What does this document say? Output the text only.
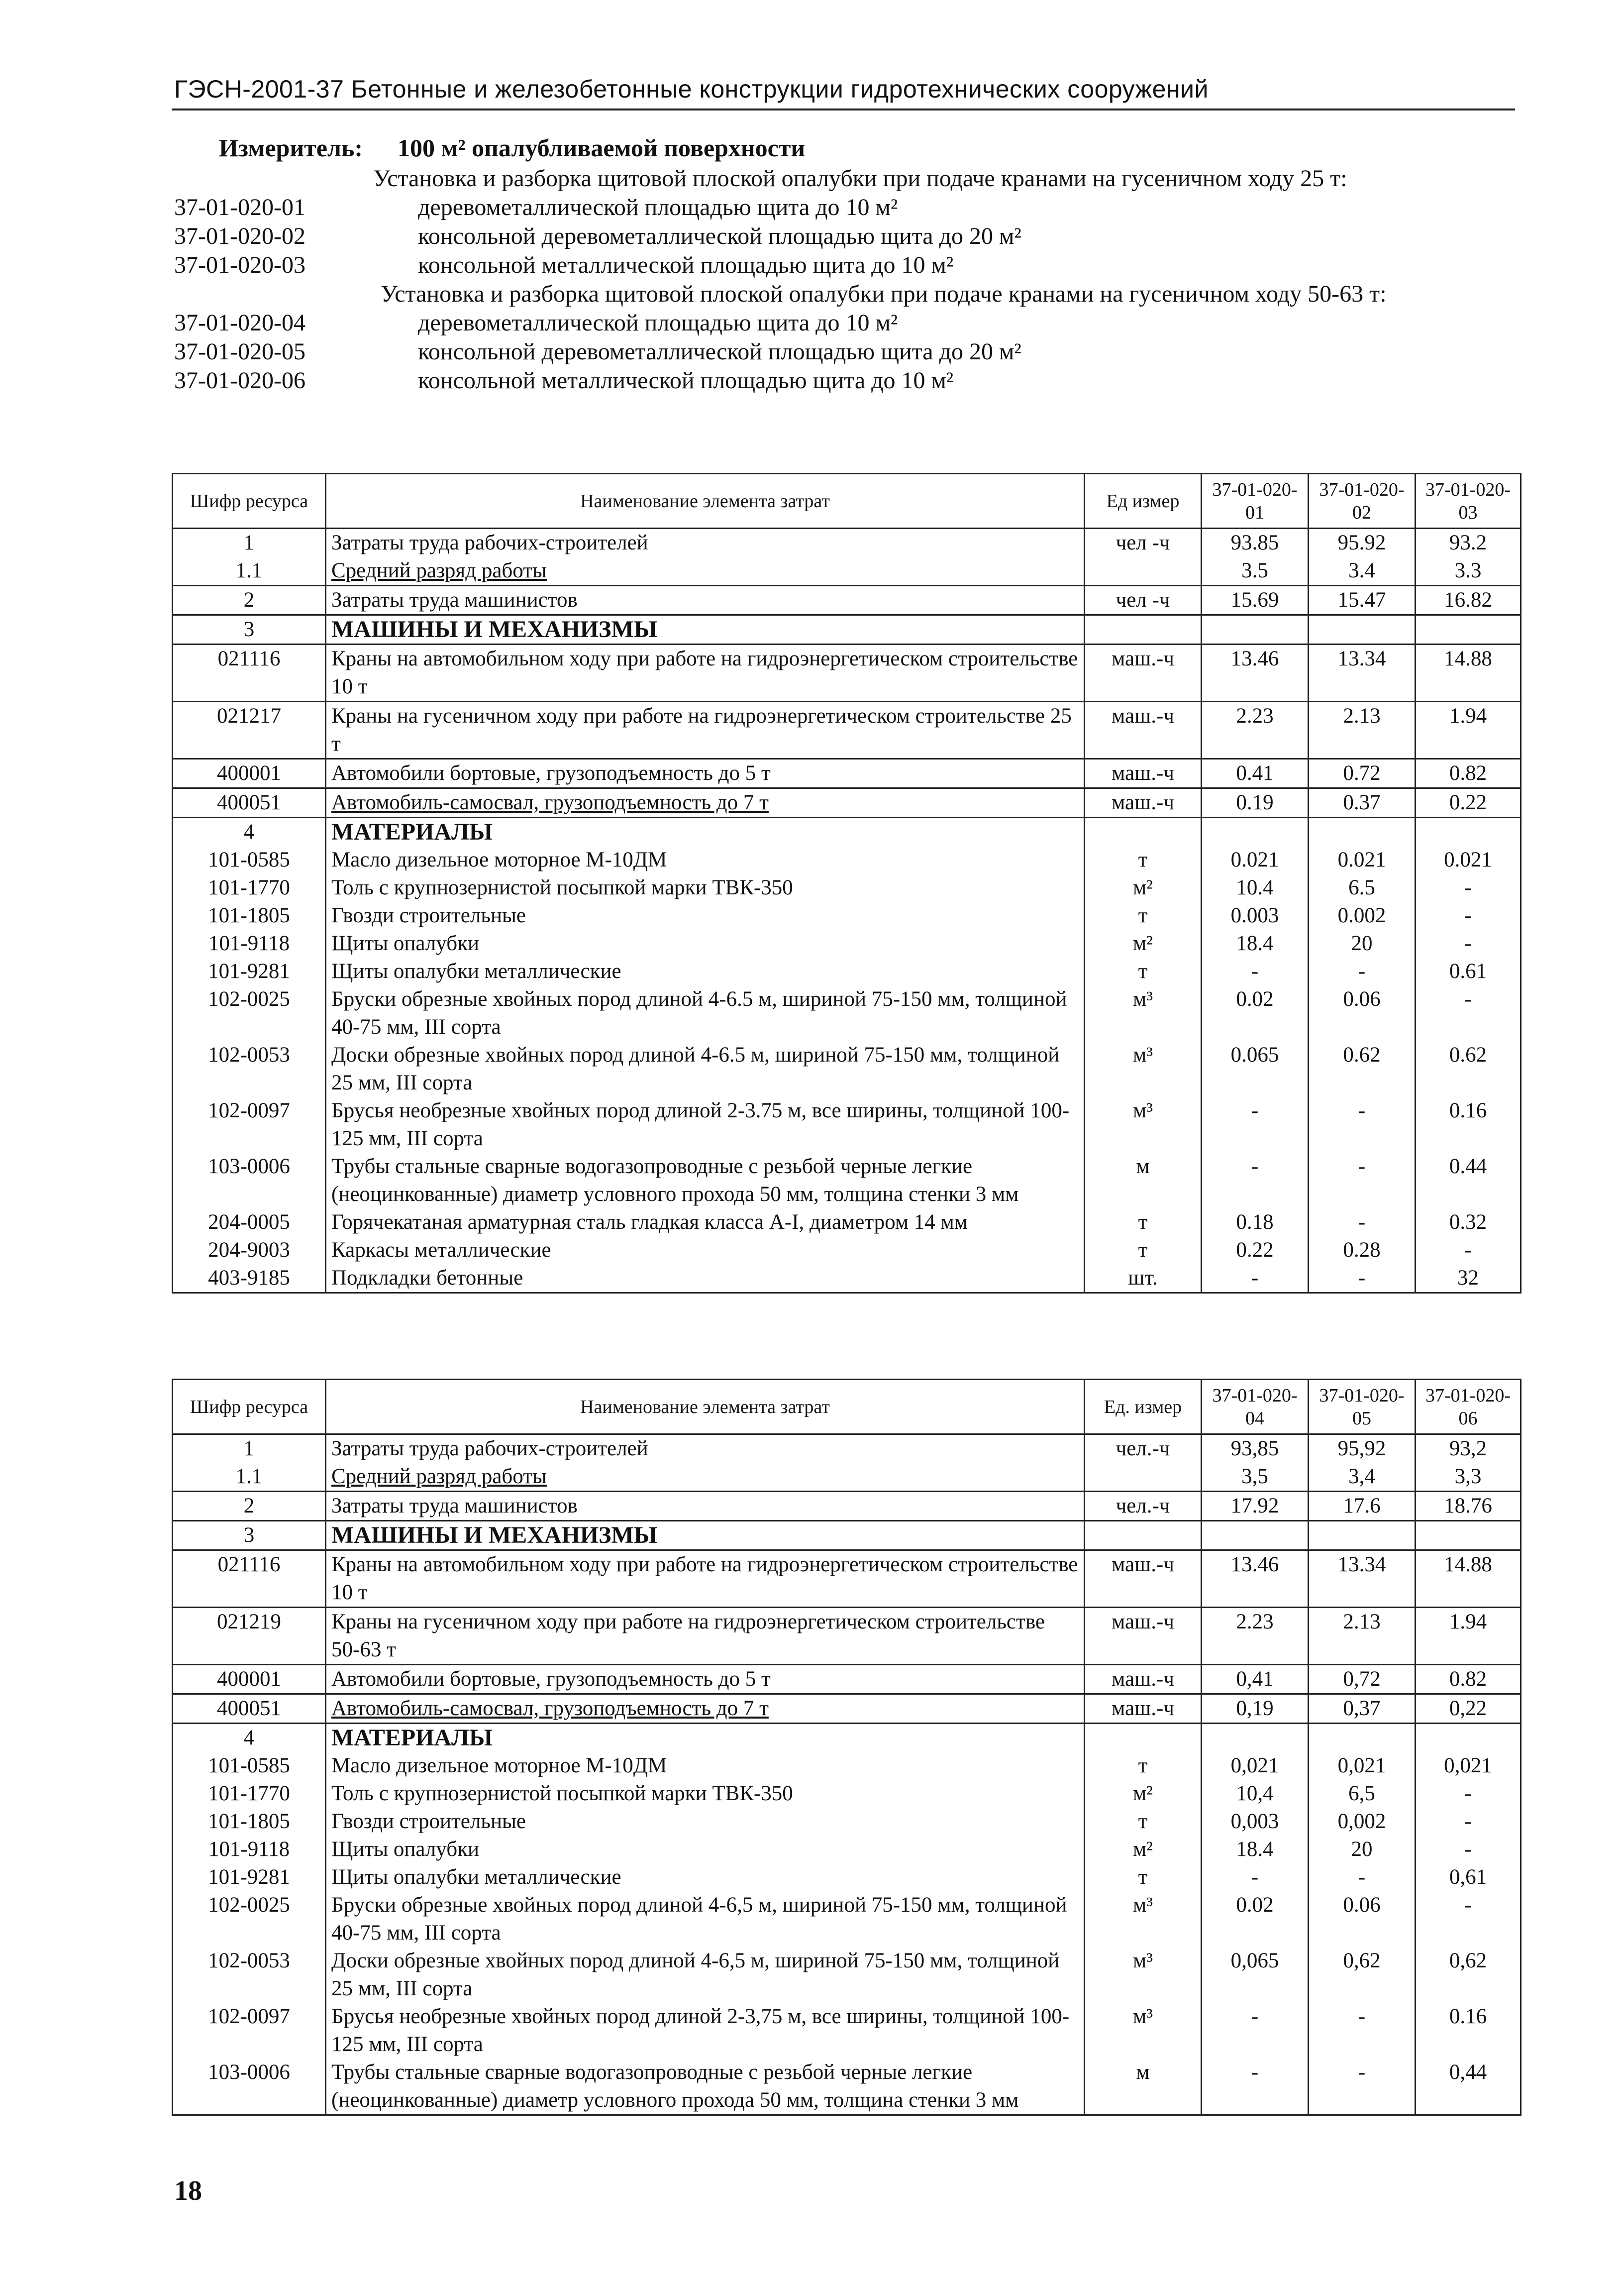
ГЭСН-2001-37 Бетонные и железобетонные конструкции гидротехнических сооружений
Измеритель: 100 м² опалубливаемой поверхности
Установка и разборка щитовой плоской опалубки при подаче кранами на гусеничном ходу 25 т:
37-01-020-01	деревометаллической площадью щита до 10 м²
37-01-020-02	консольной деревометаллической площадью щита до 20 м²
37-01-020-03	консольной металлической площадью щита до 10 м²
Установка и разборка щитовой плоской опалубки при подаче кранами на гусеничном ходу 50-63 т:
37-01-020-04	деревометаллической площадью щита до 10 м²
37-01-020-05	консольной деревометаллической площадью щита до 20 м²
37-01-020-06	консольной металлической площадью щита до 10 м²
Шифр ресурса	Наименование элемента затрат	Ед измер	37-01-020-01	37-01-020-02	37-01-020-03
1	Затраты труда рабочих-строителей	чел -ч	93.85	95.92	93.2
1.1	Средний разряд работы		3.5	3.4	3.3
2	Затраты труда машинистов	чел -ч	15.69	15.47	16.82
3	МАШИНЫ И МЕХАНИЗМЫ				
021116	Краны на автомобильном ходу при работе на гидроэнергетическом строительстве 10 т	маш.-ч	13.46	13.34	14.88
021217	Краны на гусеничном ходу при работе на гидроэнергетическом строительстве 25 т	маш.-ч	2.23	2.13	1.94
400001	Автомобили бортовые, грузоподъемность до 5 т	маш.-ч	0.41	0.72	0.82
400051	Автомобиль-самосвал, грузоподъемность до 7 т	маш.-ч	0.19	0.37	0.22
4	МАТЕРИАЛЫ				
101-0585	Масло дизельное моторное М-10ДМ	т	0.021	0.021	0.021
101-1770	Толь с крупнозернистой посыпкой марки ТВК-350	м²	10.4	6.5	-
101-1805	Гвозди строительные	т	0.003	0.002	-
101-9118	Щиты опалубки	м²	18.4	20	-
101-9281	Щиты опалубки металлические	т	-	-	0.61
102-0025	Бруски обрезные хвойных пород длиной 4-6.5 м, шириной 75-150 мм, толщиной 40-75 мм, III сорта	м³	0.02	0.06	-
102-0053	Доски обрезные хвойных пород длиной 4-6.5 м, шириной 75-150 мм, толщиной 25 мм, III сорта	м³	0.065	0.62	0.62
102-0097	Брусья необрезные хвойных пород длиной 2-3.75 м, все ширины, толщиной 100-125 мм, III сорта	м³	-	-	0.16
103-0006	Трубы стальные сварные водогазопроводные с резьбой черные легкие (неоцинкованные) диаметр условного прохода 50 мм, толщина стенки 3 мм	м	-	-	0.44
204-0005	Горячекатаная арматурная сталь гладкая класса А-I, диаметром 14 мм	т	0.18	-	0.32
204-9003	Каркасы металлические	т	0.22	0.28	-
403-9185	Подкладки бетонные	шт.	-	-	32
Шифр ресурса	Наименование элемента затрат	Ед. измер	37-01-020-04	37-01-020-05	37-01-020-06
1	Затраты труда рабочих-строителей	чел.-ч	93,85	95,92	93,2
1.1	Средний разряд работы		3,5	3,4	3,3
2	Затраты труда машинистов	чел.-ч	17.92	17.6	18.76
3	МАШИНЫ И МЕХАНИЗМЫ				
021116	Краны на автомобильном ходу при работе на гидроэнергетическом строительстве 10 т	маш.-ч	13.46	13.34	14.88
021219	Краны на гусеничном ходу при работе на гидроэнергетическом строительстве 50-63 т	маш.-ч	2.23	2.13	1.94
400001	Автомобили бортовые, грузоподъемность до 5 т	маш.-ч	0,41	0,72	0.82
400051	Автомобиль-самосвал, грузоподъемность до 7 т	маш.-ч	0,19	0,37	0,22
4	МАТЕРИАЛЫ				
101-0585	Масло дизельное моторное М-10ДМ	т	0,021	0,021	0,021
101-1770	Толь с крупнозернистой посыпкой марки ТВК-350	м²	10,4	6,5	-
101-1805	Гвозди строительные	т	0,003	0,002	-
101-9118	Щиты опалубки	м²	18.4	20	-
101-9281	Щиты опалубки металлические	т	-	-	0,61
102-0025	Бруски обрезные хвойных пород длиной 4-6,5 м, шириной 75-150 мм, толщиной 40-75 мм, III сорта	м³	0.02	0.06	-
102-0053	Доски обрезные хвойных пород длиной 4-6,5 м, шириной 75-150 мм, толщиной 25 мм, III сорта	м³	0,065	0,62	0,62
102-0097	Брусья необрезные хвойных пород длиной 2-3,75 м, все ширины, толщиной 100-125 мм, III сорта	м³	-	-	0.16
103-0006	Трубы стальные сварные водогазопроводные с резьбой черные легкие (неоцинкованные) диаметр условного прохода 50 мм, толщина стенки 3 мм	м	-	-	0,44
18
